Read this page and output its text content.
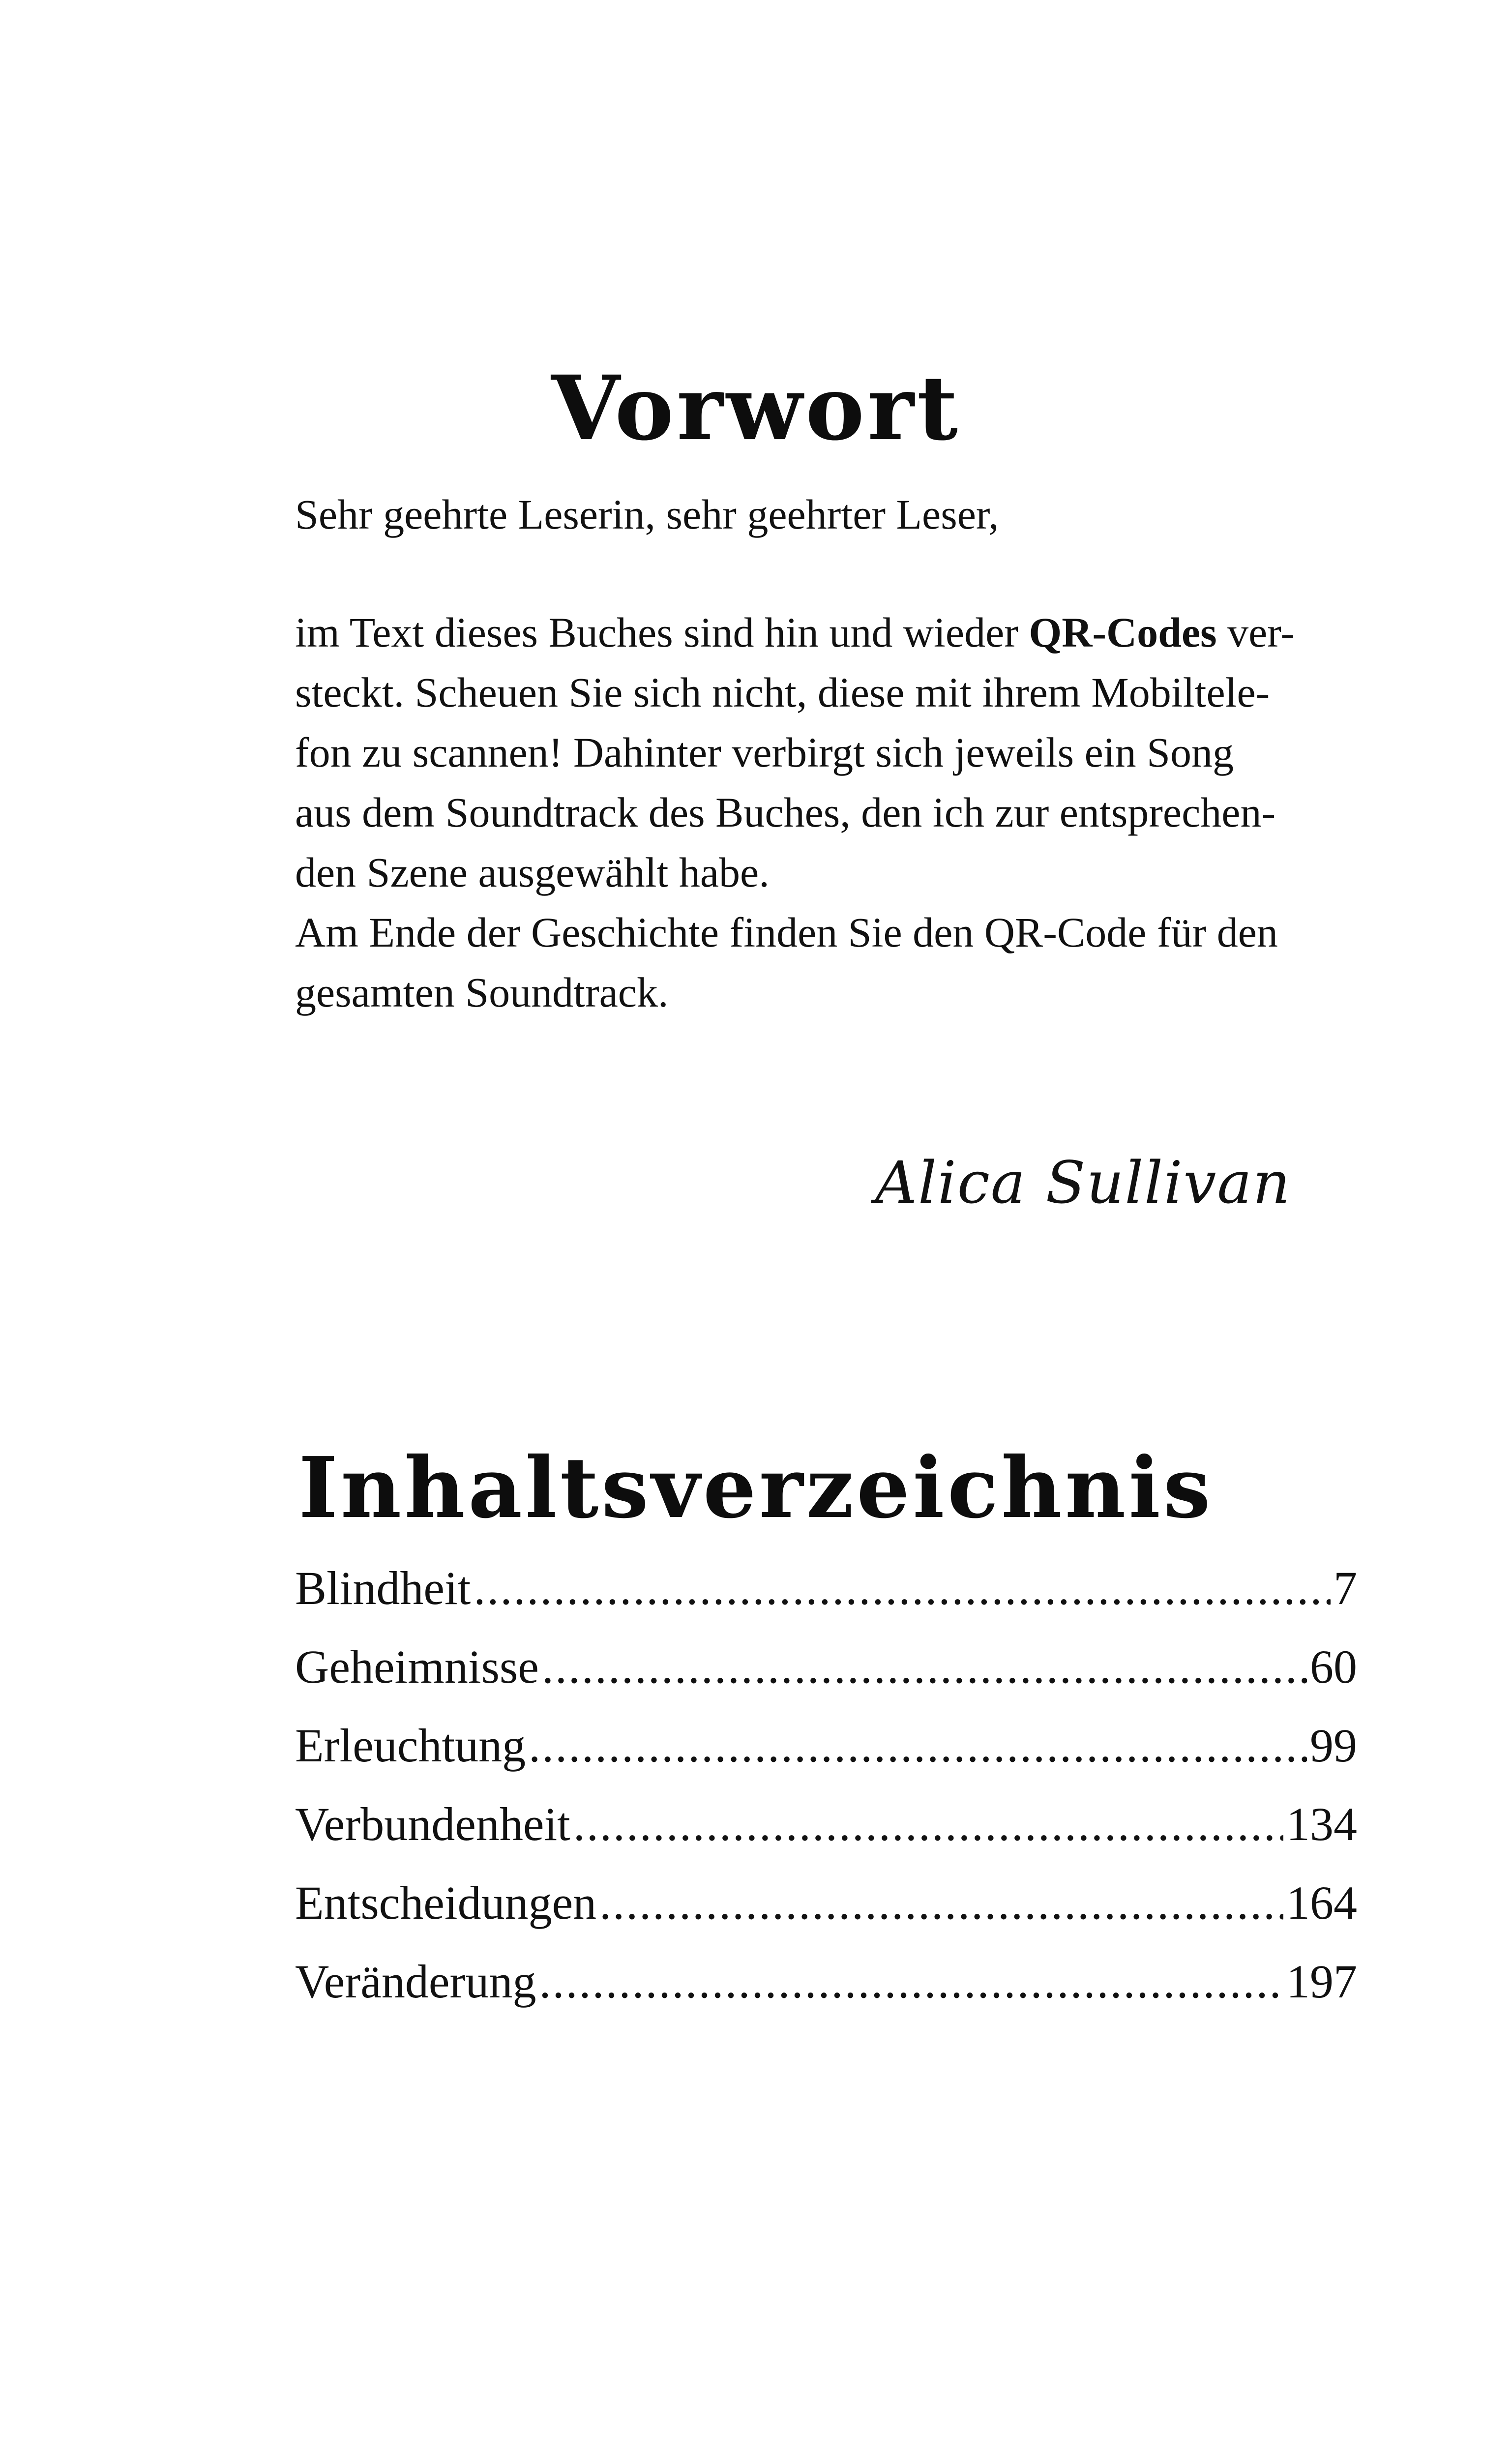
Vorwort
Sehr geehrte Leserin, sehr geehrter Leser,

im Text dieses Buches sind hin und wieder QR-Codes ver-

steckt. Scheuen Sie sich nicht, diese mit ihrem Mobiltele-

fon zu scannen! Dahinter verbirgt sich jeweils ein Song

aus dem Soundtrack des Buches, den ich zur entsprechen-

den Szene ausgewählt habe.

Am Ende der Geschichte finden Sie den QR-Code für den

gesamten Soundtrack.

Alica Sullivan
Inhaltsverzeichnis
Blindheit .....	7
Geheimnisse .....	60
Erleuchtung .....	99
Verbundenheit .....	134
Entscheidungen .....	164
Veränderung .....	197
